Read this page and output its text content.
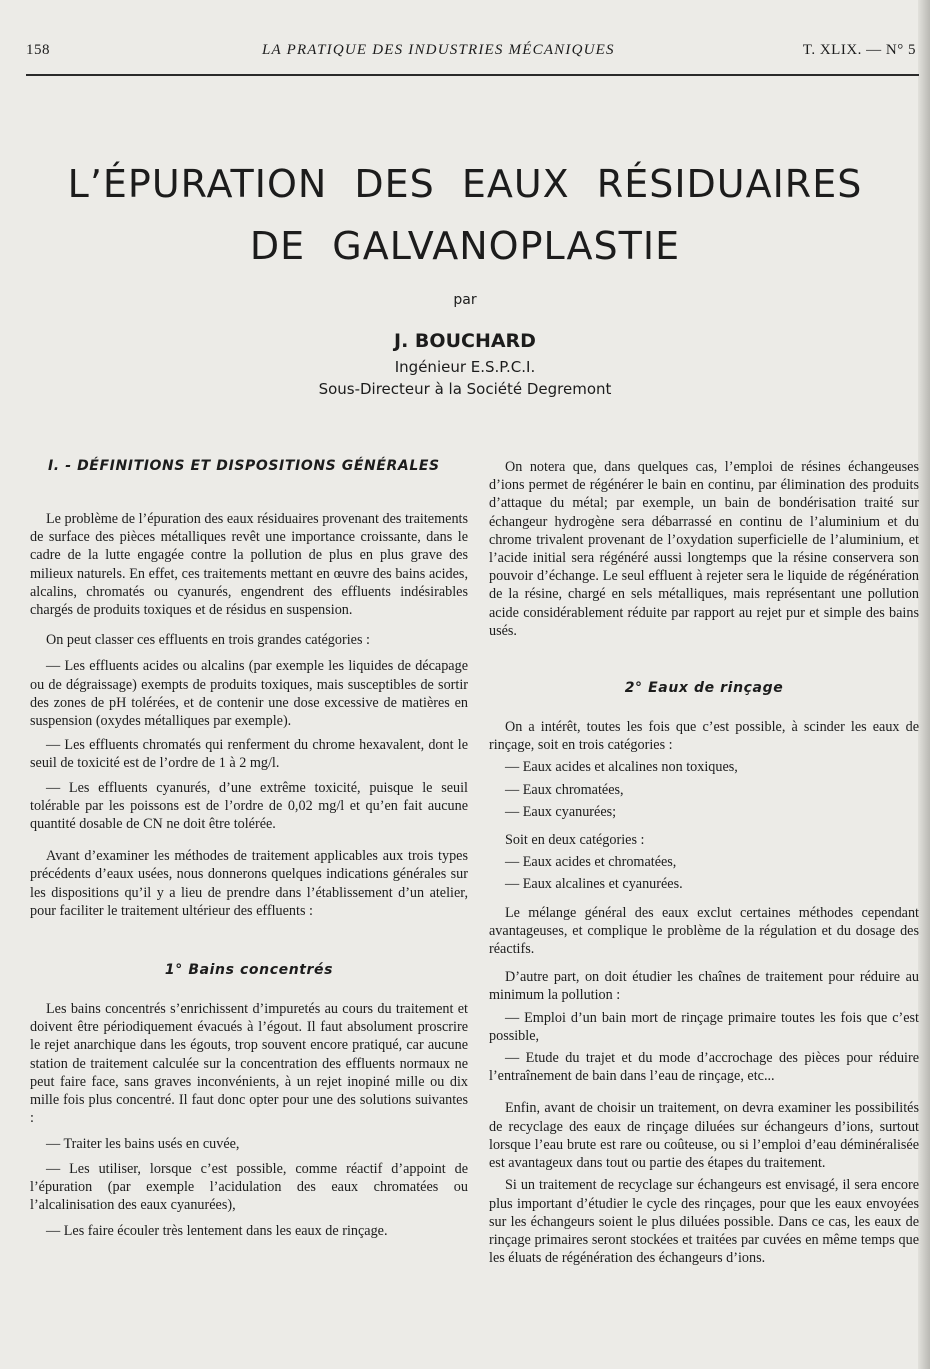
158	LA PRATIQUE DES INDUSTRIES MÉCANIQUES	T. XLIX. — N° 5
L’ÉPURATION DES EAUX RÉSIDUAIRES
DE GALVANOPLASTIE
par
J. BOUCHARD
Ingénieur E.S.P.C.I.
Sous-Directeur à la Société Degremont
I. - DÉFINITIONS ET DISPOSITIONS GÉNÉRALES

Le problème de l’épuration des eaux résiduaires provenant des traitements de surface des pièces métalliques revêt une importance croissante, dans le cadre de la lutte engagée contre la pollution de plus en plus grave des milieux naturels. En effet, ces traitements mettant en œuvre des bains acides, alcalins, chromatés ou cyanurés, engendrent des effluents indésirables chargés de produits toxiques et de résidus en suspension.

On peut classer ces effluents en trois grandes catégories :

— Les effluents acides ou alcalins (par exemple les liquides de décapage ou de dégraissage) exempts de produits toxiques, mais susceptibles de sortir des zones de pH tolérées, et de contenir une dose excessive de matières en suspension (oxydes métalliques par exemple).

— Les effluents chromatés qui renferment du chrome hexavalent, dont le seuil de toxicité est de l’ordre de 1 à 2 mg/l.

— Les effluents cyanurés, d’une extrême toxicité, puisque le seuil tolérable par les poissons est de l’ordre de 0,02 mg/l et qu’en fait aucune quantité dosable de CN ne doit être tolérée.

Avant d’examiner les méthodes de traitement applicables aux trois types précédents d’eaux usées, nous donnerons quelques indications générales sur les dispositions qu’il y a lieu de prendre dans l’établissement d’un atelier, pour faciliter le traitement ultérieur des effluents :

1° Bains concentrés

Les bains concentrés s’enrichissent d’impuretés au cours du traitement et doivent être périodiquement évacués à l’égout. Il faut absolument proscrire le rejet anarchique dans les égouts, trop souvent encore pratiqué, car aucune station de traitement calculée sur la concentration des effluents normaux ne peut faire face, sans graves inconvénients, à un rejet inopiné mille ou dix mille fois plus concentré. Il faut donc opter pour une des solutions suivantes :

— Traiter les bains usés en cuvée,

— Les utiliser, lorsque c’est possible, comme réactif d’appoint de l’épuration (par exemple l’acidulation des eaux chromatées ou l’alcalinisation des eaux cyanurées),

— Les faire écouler très lentement dans les eaux de rinçage.

On notera que, dans quelques cas, l’emploi de résines échangeuses d’ions permet de régénérer le bain en continu, par élimination des produits d’attaque du métal; par exemple, un bain de bondérisation traité sur échangeur hydrogène sera débarrassé en continu de l’aluminium et du chrome trivalent provenant de l’oxydation superficielle de l’aluminium, et l’acide initial sera régénéré aussi longtemps que la résine conservera son pouvoir d’échange. Le seul effluent à rejeter sera le liquide de régénération de la résine, chargé en sels métalliques, mais représentant une pollution acide considérablement réduite par rapport au rejet pur et simple des bains usés.

2° Eaux de rinçage

On a intérêt, toutes les fois que c’est possible, à scinder les eaux de rinçage, soit en trois catégories :

— Eaux acides et alcalines non toxiques,

— Eaux chromatées,

— Eaux cyanurées;

Soit en deux catégories :

— Eaux acides et chromatées,

— Eaux alcalines et cyanurées.

Le mélange général des eaux exclut certaines méthodes cependant avantageuses, et complique le problème de la régulation et du dosage des réactifs.

D’autre part, on doit étudier les chaînes de traitement pour réduire au minimum la pollution :

— Emploi d’un bain mort de rinçage primaire toutes les fois que c’est possible,

— Etude du trajet et du mode d’accrochage des pièces pour réduire l’entraînement de bain dans l’eau de rinçage, etc...

Enfin, avant de choisir un traitement, on devra examiner les possibilités de recyclage des eaux de rinçage diluées sur échangeurs d’ions, surtout lorsque l’eau brute est rare ou coûteuse, ou si l’emploi d’eau déminéralisée est avantageux dans tout ou partie des étapes du traitement.

Si un traitement de recyclage sur échangeurs est envisagé, il sera encore plus important d’étudier le cycle des rinçages, pour que les eaux envoyées sur les échangeurs soient le plus diluées possible. Dans ce cas, les eaux de rinçage primaires seront stockées et traitées par cuvées en même temps que les éluats de régénération des échangeurs d’ions.
